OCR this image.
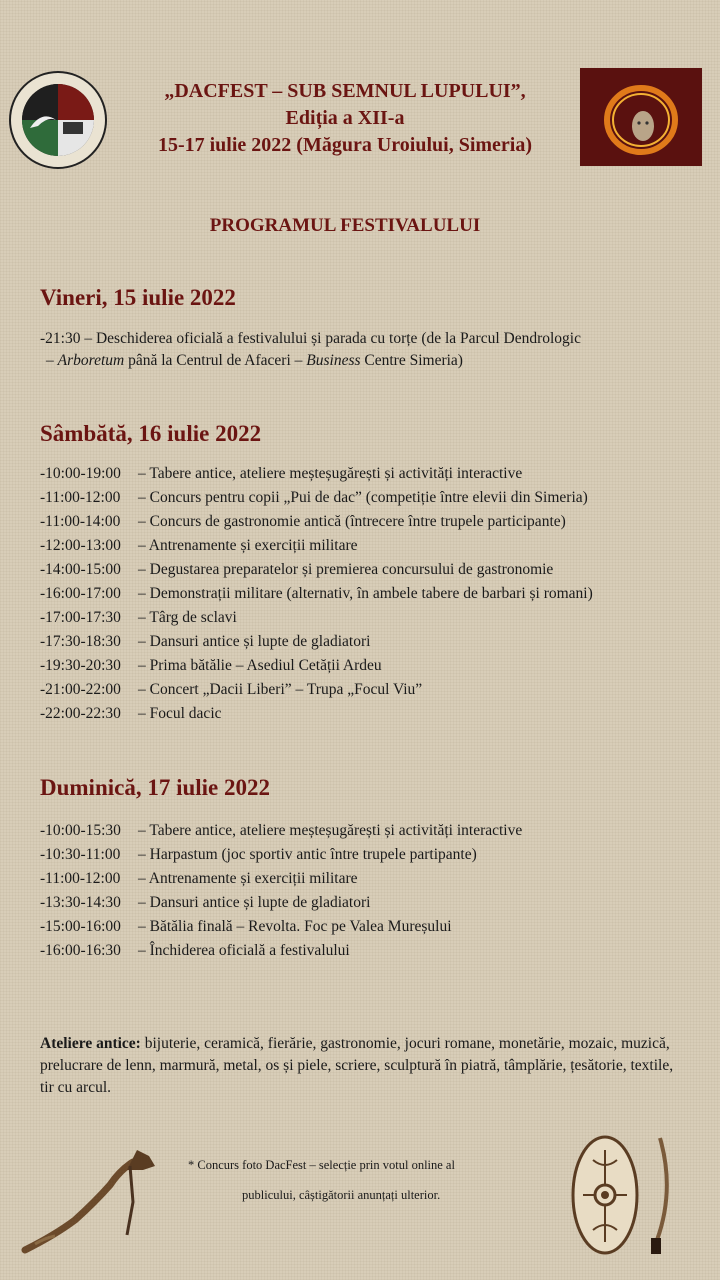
„DACFEST – SUB SEMNUL LUPULUI”,
Ediția a XII-a
15-17 iulie 2022 (Măgura Uroiului, Simeria)
PROGRAMUL FESTIVALULUI
Vineri, 15 iulie 2022
-21:30 – Deschiderea oficială a festivalului și parada cu torțe (de la Parcul Dendrologic
– Arboretum până la Centrul de Afaceri – Business Centre Simeria)
Sâmbătă, 16 iulie 2022
-10:00-19:00 – Tabere antice, ateliere meșteșugărești și activități interactive
-11:00-12:00 – Concurs pentru copii „Pui de dac” (competiție între elevii din Simeria)
-11:00-14:00 – Concurs de gastronomie antică (întrecere între trupele participante)
-12:00-13:00 – Antrenamente și exerciții militare
-14:00-15:00 – Degustarea preparatelor și premierea concursului de gastronomie
-16:00-17:00 – Demonstrații militare (alternativ, în ambele tabere de barbari și romani)
-17:00-17:30 – Târg de sclavi
-17:30-18:30 – Dansuri antice și lupte de gladiatori
-19:30-20:30 – Prima bătălie – Asediul Cetății Ardeu
-21:00-22:00 – Concert „Dacii Liberi” – Trupa „Focul Viu”
-22:00-22:30 – Focul dacic
Duminică, 17 iulie 2022
-10:00-15:30 – Tabere antice, ateliere meșteșugărești și activități interactive
-10:30-11:00 – Harpastum (joc sportiv antic între trupele partipante)
-11:00-12:00 – Antrenamente și exerciții militare
-13:30-14:30 – Dansuri antice și lupte de gladiatori
-15:00-16:00 – Bătălia finală – Revolta. Foc pe Valea Mureșului
-16:00-16:30 – Închiderea oficială a festivalului
Ateliere antice: bijuterie, ceramică, fierărie, gastronomie, jocuri romane, monetărie, mozaic, muzică, prelucrare de lenn, marmură, metal, os și piele, scriere, sculptură în piatră, tâmplărie, țesătorie, textile, tir cu arcul.
* Concurs foto DacFest – selecție prin votul online al
publicului, câștigătorii anunțați ulterior.
